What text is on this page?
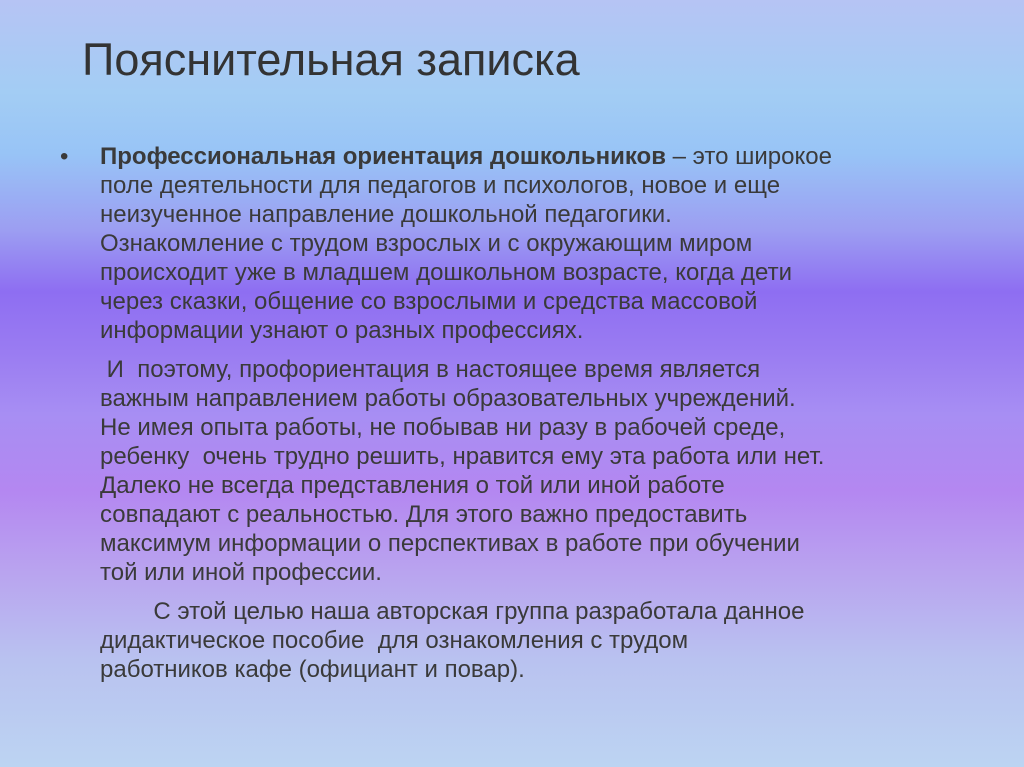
Пояснительная записка
•	Профессиональная ориентация дошкольников – это широкое
поле деятельности для педагогов и психологов, новое и еще
неизученное направление дошкольной педагогики.
Ознакомление с трудом взрослых и с окружающим миром
происходит уже в младшем дошкольном возрасте, когда дети
через сказки, общение со взрослыми и средства массовой
информации узнают о разных профессиях.
И  поэтому, профориентация в настоящее время является
важным направлением работы образовательных учреждений.
Не имея опыта работы, не побывав ни разу в рабочей среде,
ребенку  очень трудно решить, нравится ему эта работа или нет.
Далеко не всегда представления о той или иной работе
совпадают с реальностью. Для этого важно предоставить
максимум информации о перспективах в работе при обучении
той или иной профессии.
С этой целью наша авторская группа разработала данное
дидактическое пособие  для ознакомления с трудом
работников кафе (официант и повар).
